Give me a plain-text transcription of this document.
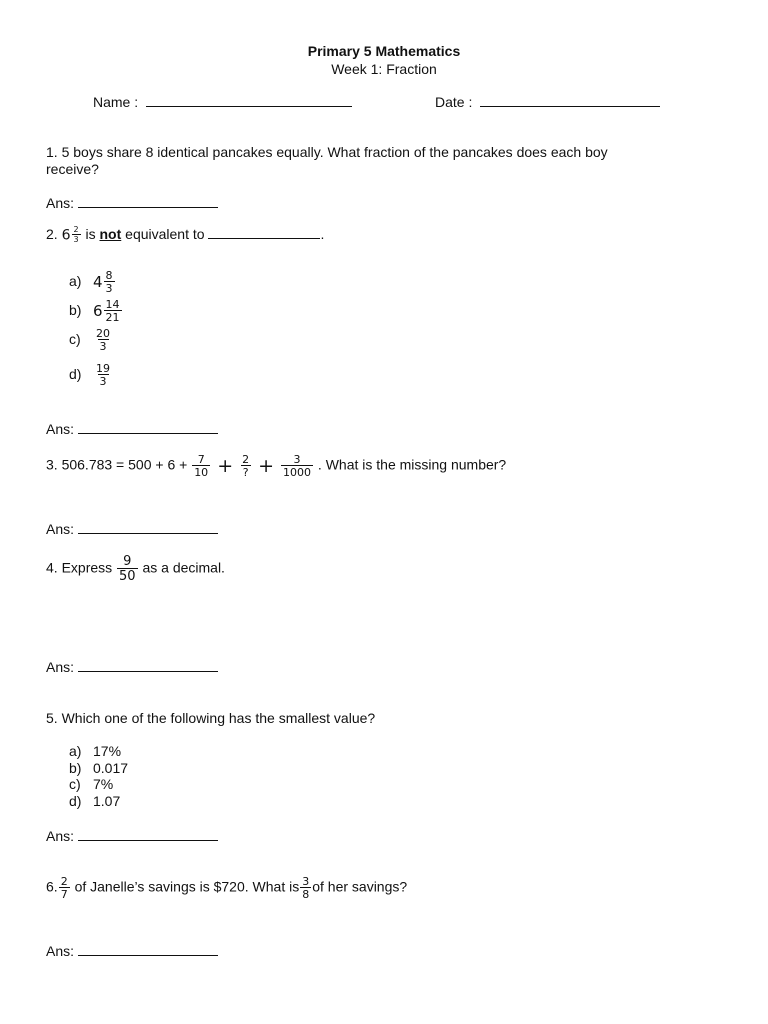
Primary 5 Mathematics
Week 1: Fraction
Name :	Date :
1. 5 boys share 8 identical pancakes equally. What fraction of the pancakes does each boy
receive?
Ans:
2. $6 \frac{2}{3}$ is not equivalent to	.
a) $4 \frac{8}{3}$
b) $6 \frac{14}{21}$
$c) \frac{20}{3}$
$d) \frac{19}{3}$
Ans:
3. $506.783 = 500 + 6 + \frac{7}{10} + \frac{2}{?} + \frac{3}{1000}$ . What is the missing number?
Ans:
4. Express $\frac{9}{50}$ as a decimal.
Ans:
5. Which one of the following has the smallest value?
a) 17%
b) 0.017
c) 7%
d) 1.07
Ans:
6. $\frac{2}{7}$ of Janelle’s savings is $720. What is $\frac{3}{8}$ of her savings?
Ans:
